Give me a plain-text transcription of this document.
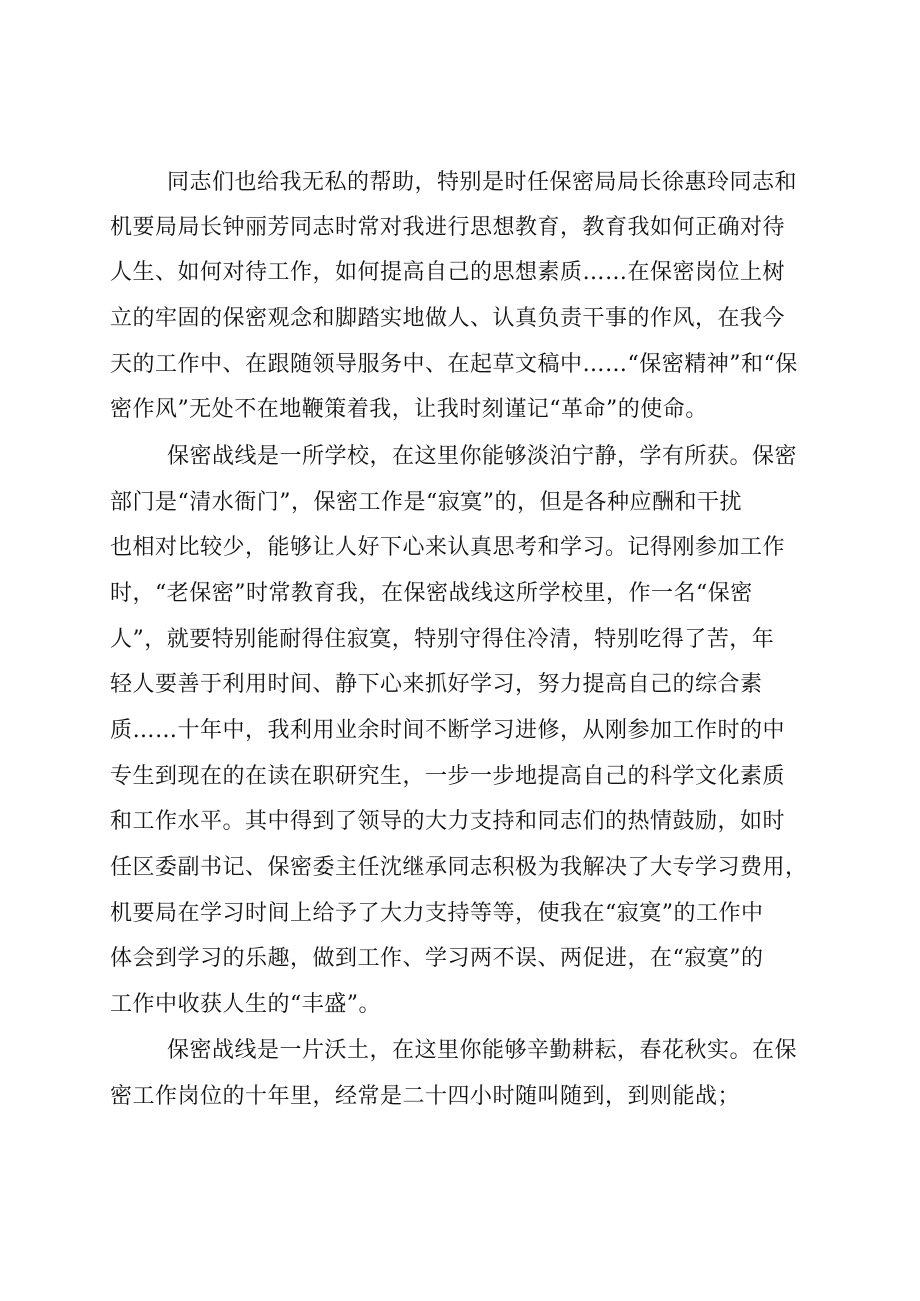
同志们也给我无私的帮助，特别是时任保密局局长徐惠玲同志和
机要局局长钟丽芳同志时常对我进行思想教育，教育我如何正确对待
人生、如何对待工作，如何提高自己的思想素质……在保密岗位上树
立的牢固的保密观念和脚踏实地做人、认真负责干事的作风，在我今
天的工作中、在跟随领导服务中、在起草文稿中……“保密精神”和“保
密作风”无处不在地鞭策着我，让我时刻谨记“革命”的使命。
保密战线是一所学校，在这里你能够淡泊宁静，学有所获。保密
部门是“清水衙门”，保密工作是“寂寞”的，但是各种应酬和干扰
也相对比较少，能够让人好下心来认真思考和学习。记得刚参加工作
时，“老保密”时常教育我，在保密战线这所学校里，作一名“保密
人”，就要特别能耐得住寂寞，特别守得住冷清，特别吃得了苦，年
轻人要善于利用时间、静下心来抓好学习，努力提高自己的综合素
质……十年中，我利用业余时间不断学习进修，从刚参加工作时的中
专生到现在的在读在职研究生，一步一步地提高自己的科学文化素质
和工作水平。其中得到了领导的大力支持和同志们的热情鼓励，如时
任区委副书记、保密委主任沈继承同志积极为我解决了大专学习费用，
机要局在学习时间上给予了大力支持等等，使我在“寂寞”的工作中
体会到学习的乐趣，做到工作、学习两不误、两促进，在“寂寞”的
工作中收获人生的“丰盛”。
保密战线是一片沃土，在这里你能够辛勤耕耘，春花秋实。在保
密工作岗位的十年里，经常是二十四小时随叫随到，到则能战；
